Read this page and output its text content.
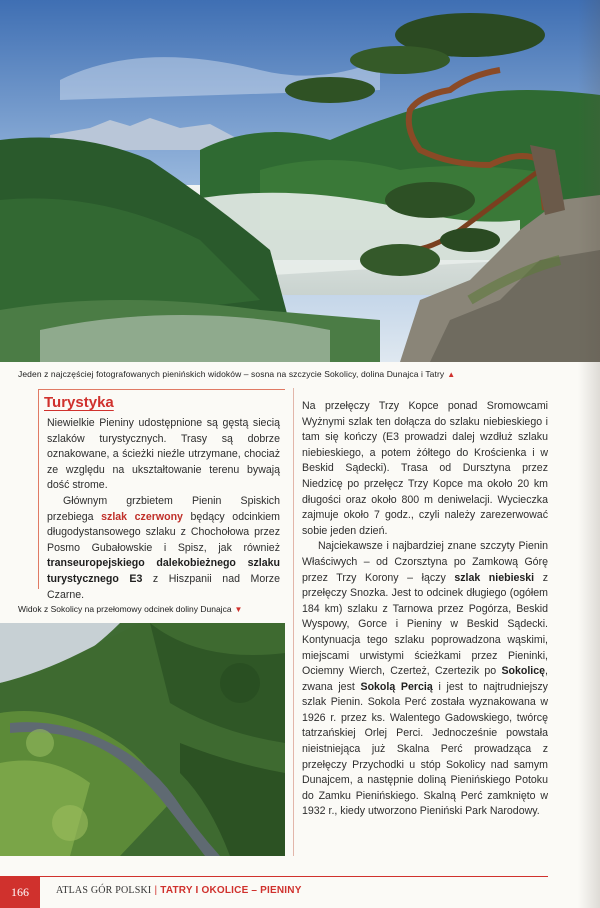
Jeden z najczęściej fotografowanych pienińskich widoków – sosna na szczycie Sokolicy, dolina Dunajca i Tatry ▲
Turystyka

Niewielkie Pieniny udostępnione są gęstą siecią szlaków turystycznych. Trasy są dobrze oznakowane, a ścieżki nieźle utrzymane, chociaż ze względu na ukształtowanie terenu bywają dość strome.

Głównym grzbietem Pienin Spiskich przebiega szlak czerwony będący odcinkiem długodystansowego szlaku z Chochołowa przez Posmo Gubałowskie i Spisz, jak również transeuropejskiego dalekobieżnego szlaku turystycznego E3 z Hiszpanii nad Morze Czarne.

Na przełęczy Trzy Kopce ponad Sromowcami Wyżnymi szlak ten dołącza do szlaku niebieskiego i tam się kończy (E3 prowadzi dalej wzdłuż szlaku niebieskiego, a potem żółtego do Krościenka i w Beskid Sądecki). Trasa od Dursztyna przez Niedzicę po przełęcz Trzy Kopce ma około 20 km długości oraz około 800 m deniwelacji. Wycieczka zajmuje około 7 godz., czyli należy zarezerwować sobie jeden dzień.

Najciekawsze i najbardziej znane szczyty Pienin Właściwych – od Czorsztyna po Zamkową Górę przez Trzy Korony – łączy szlak niebieski z przełęczy Snozka. Jest to odcinek długiego (ogółem 184 km) szlaku z Tarnowa przez Pogórza, Beskid Wyspowy, Gorce i Pieniny w Beskid Sądecki. Kontynuacja tego szlaku poprowadzona wąskimi, miejscami urwistymi ścieżkami przez Pieninki, Ociemny Wierch, Czerteż, Czertezik po Sokolicę, zwana jest Sokolą Percią i jest to najtrudniejszy szlak Pienin. Sokola Perć została wyznakowana w 1926 r. przez ks. Walentego Gadowskiego, twórcę tatrzańskiej Orlej Perci. Jednocześnie powstała nieistniejąca już Skalna Perć prowadząca z przełęczy Przychodki u stóp Sokolicy nad samym Dunajcem, a następnie doliną Pienińskiego Potoku do Zamku Pienińskiego. Skalną Perć zamknięto w 1932 r., kiedy utworzono Pieniński Park Narodowy.

Widok z Sokolicy na przełomowy odcinek doliny Dunajca ▼
166	ATLAS GÓR POLSKI | TATRY I OKOLICE – PIENINY
